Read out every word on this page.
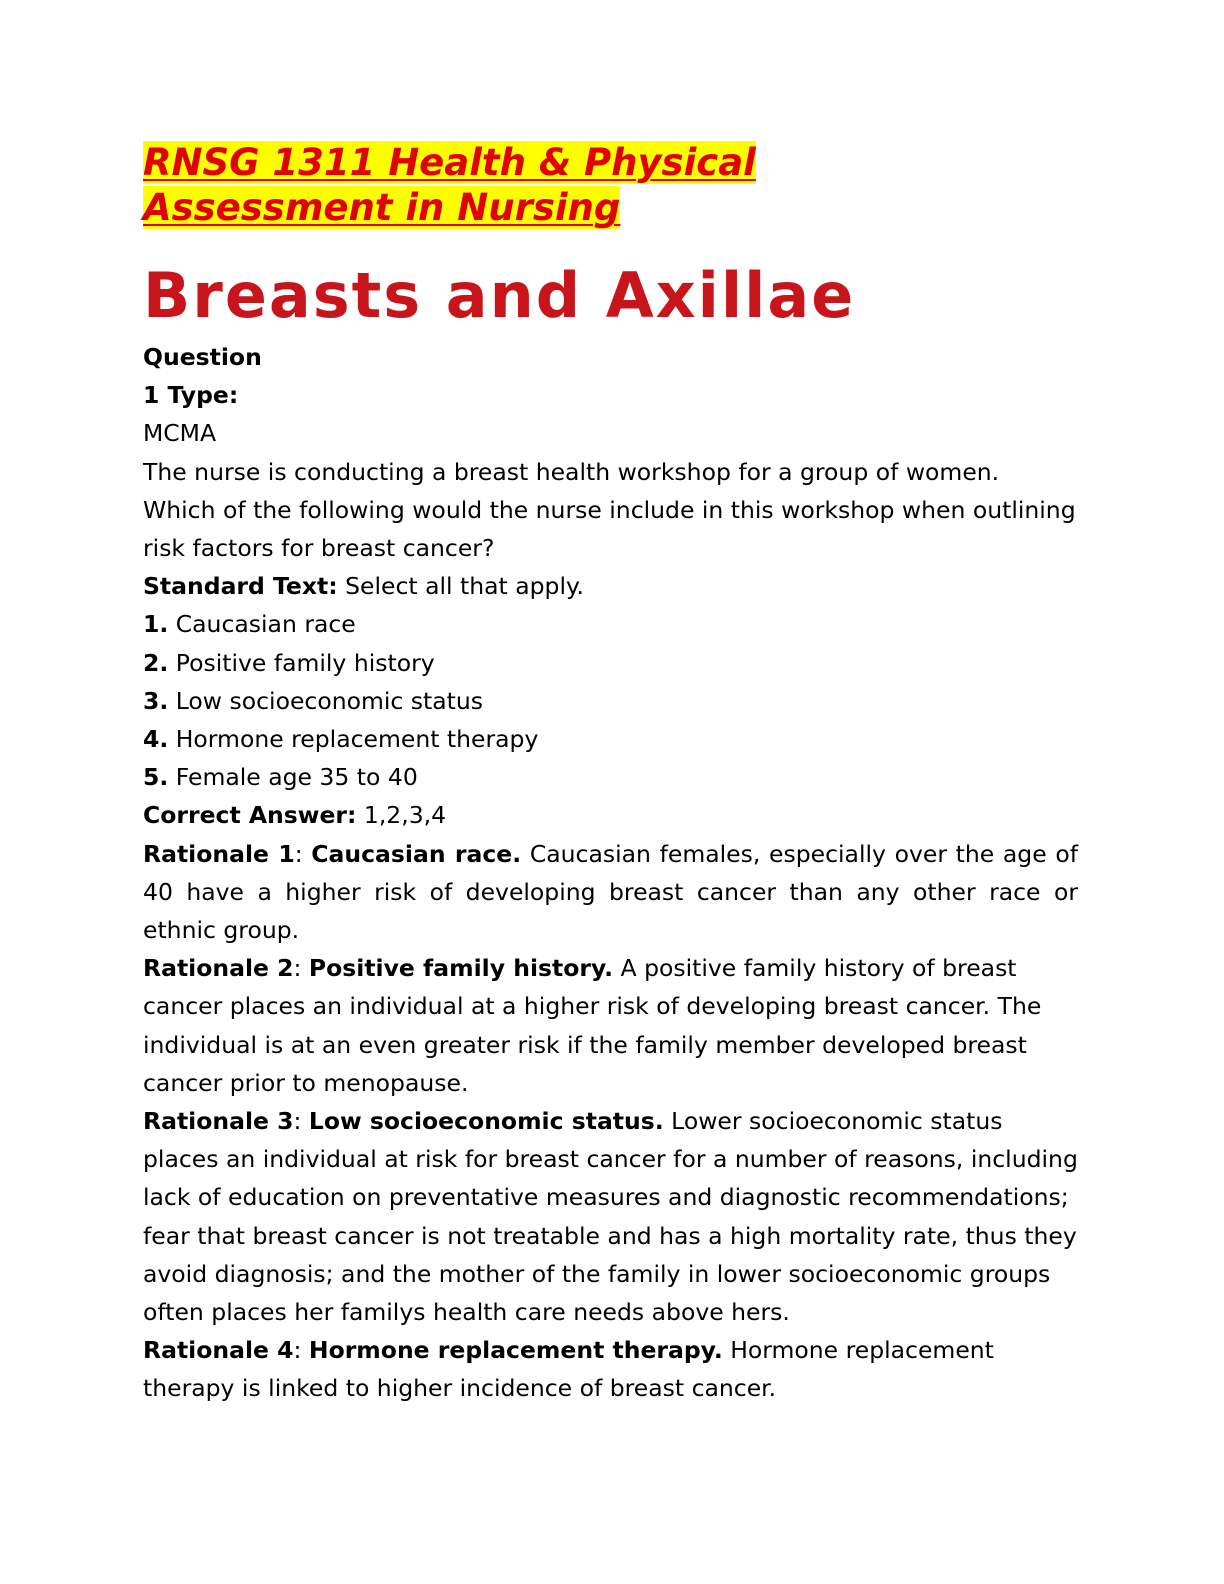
RNSG 1311 Health & Physical
Assessment in Nursing
Breasts and Axillae

Question

1 Type:

MCMA

The nurse is conducting a breast health workshop for a group of women. Which of the following would the nurse include in this workshop when outlining risk factors for breast cancer?

Standard Text: Select all that apply.

1. Caucasian race

2. Positive family history

3. Low socioeconomic status

4. Hormone replacement therapy

5. Female age 35 to 40

Correct Answer: 1,2,3,4

Rationale 1: Caucasian race. Caucasian females, especially over the age of 40 have a higher risk of developing breast cancer than any other race or ethnic group.

Rationale 2: Positive family history. A positive family history of breast cancer places an individual at a higher risk of developing breast cancer. The individual is at an even greater risk if the family member developed breast cancer prior to menopause.

Rationale 3: Low socioeconomic status. Lower socioeconomic status places an individual at risk for breast cancer for a number of reasons, including lack of education on preventative measures and diagnostic recommendations; fear that breast cancer is not treatable and has a high mortality rate, thus they avoid diagnosis; and the mother of the family in lower socioeconomic groups often places her familys health care needs above hers.

Rationale 4: Hormone replacement therapy. Hormone replacement therapy is linked to higher incidence of breast cancer.
